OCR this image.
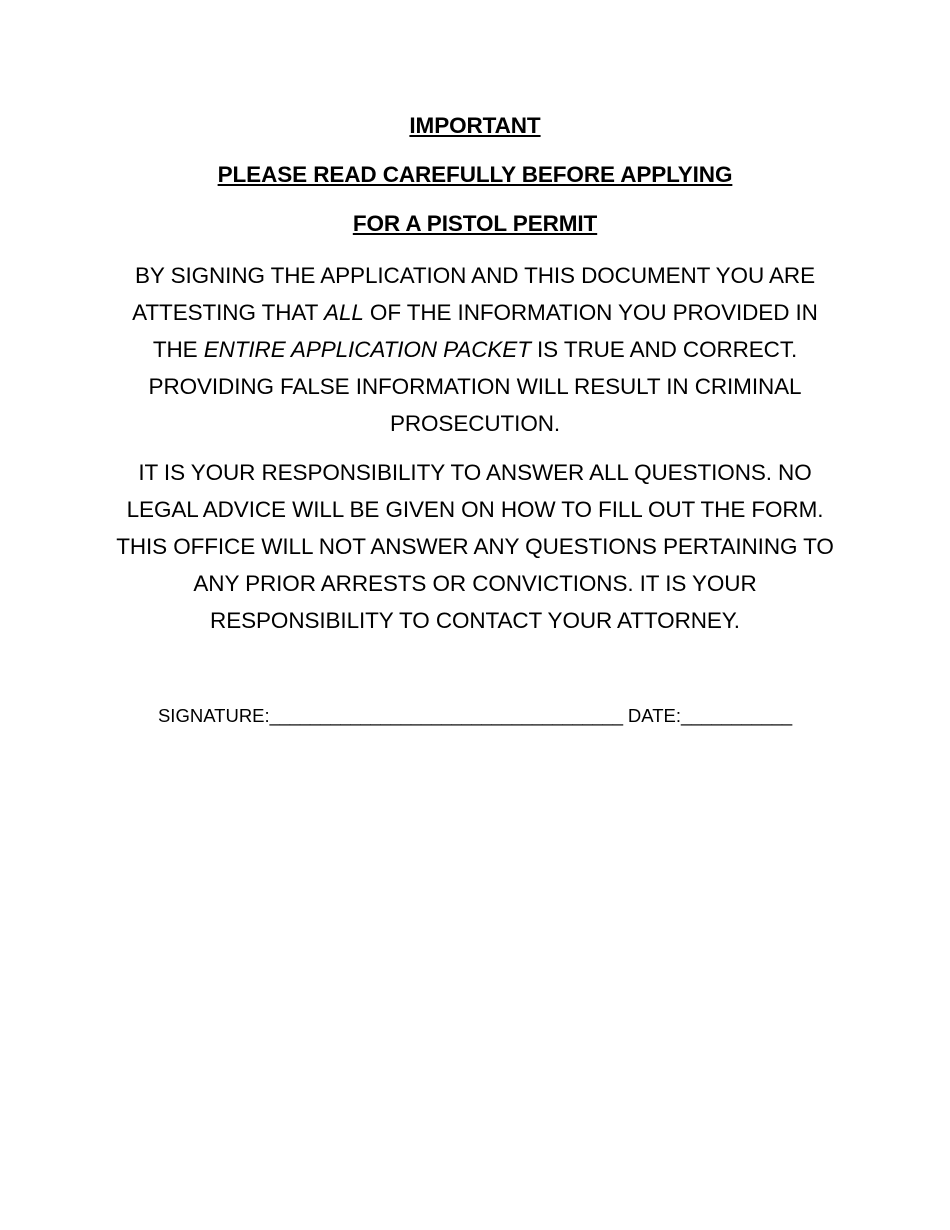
IMPORTANT
PLEASE READ CAREFULLY BEFORE APPLYING
FOR A PISTOL PERMIT

BY SIGNING THE APPLICATION AND THIS DOCUMENT YOU ARE ATTESTING THAT ALL OF THE INFORMATION YOU PROVIDED IN THE ENTIRE APPLICATION PACKET IS TRUE AND CORRECT. PROVIDING FALSE INFORMATION WILL RESULT IN CRIMINAL PROSECUTION.

IT IS YOUR RESPONSIBILITY TO ANSWER ALL QUESTIONS. NO LEGAL ADVICE WILL BE GIVEN ON HOW TO FILL OUT THE FORM. THIS OFFICE WILL NOT ANSWER ANY QUESTIONS PERTAINING TO ANY PRIOR ARRESTS OR CONVICTIONS. IT IS YOUR RESPONSIBILITY TO CONTACT YOUR ATTORNEY.

SIGNATURE:___________________________________ DATE:___________
